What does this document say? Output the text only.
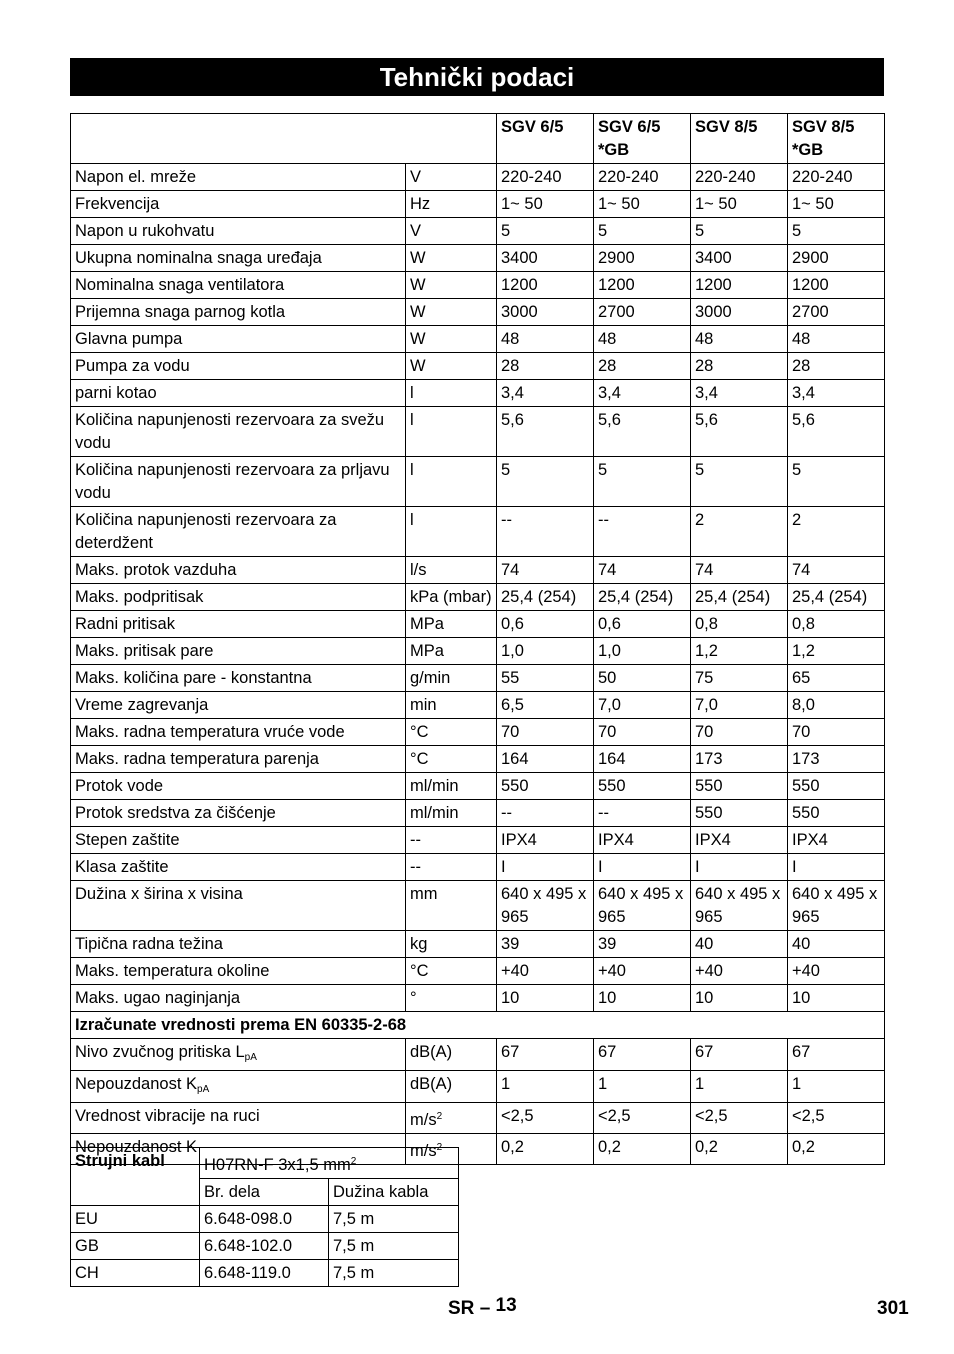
Tehnički podaci
		SGV 6/5	SGV 6/5 *GB	SGV 8/5	SGV 8/5 *GB
Napon el. mreže	V	220-240	220-240	220-240	220-240
Frekvencija	Hz	1~ 50	1~ 50	1~ 50	1~ 50
Napon u rukohvatu	V	5	5	5	5
Ukupna nominalna snaga uređaja	W	3400	2900	3400	2900
Nominalna snaga ventilatora	W	1200	1200	1200	1200
Prijemna snaga parnog kotla	W	3000	2700	3000	2700
Glavna pumpa	W	48	48	48	48
Pumpa za vodu	W	28	28	28	28
parni kotao	l	3,4	3,4	3,4	3,4
Količina napunjenosti rezervoara za svežu vodu	l	5,6	5,6	5,6	5,6
Količina napunjenosti rezervoara za prljavu vodu	l	5	5	5	5
Količina napunjenosti rezervoara za deterdžent	l	--	--	2	2
Maks. protok vazduha	l/s	74	74	74	74
Maks. podpritisak	kPa (mbar)	25,4 (254)	25,4 (254)	25,4 (254)	25,4 (254)
Radni pritisak	MPa	0,6	0,6	0,8	0,8
Maks. pritisak pare	MPa	1,0	1,0	1,2	1,2
Maks. količina pare - konstantna	g/min	55	50	75	65
Vreme zagrevanja	min	6,5	7,0	7,0	8,0
Maks. radna temperatura vruće vode	°C	70	70	70	70
Maks. radna temperatura parenja	°C	164	164	173	173
Protok vode	ml/min	550	550	550	550
Protok sredstva za čišćenje	ml/min	--	--	550	550
Stepen zaštite	--	IPX4	IPX4	IPX4	IPX4
Klasa zaštite	--	I	I	I	I
Dužina x širina x visina	mm	640 x 495 x 965	640 x 495 x 965	640 x 495 x 965	640 x 495 x 965
Tipična radna težina	kg	39	39	40	40
Maks. temperatura okoline	°C	+40	+40	+40	+40
Maks. ugao naginjanja	°	10	10	10	10
Izračunate vrednosti prema EN 60335-2-68					
Nivo zvučnog pritiska $L_{pA}$	dB(A)	67	67	67	67
Nepouzdanost $K_{pA}$	dB(A)	1	1	1	1
Vrednost vibracije na ruci	$m/s^2$	<2,5	<2,5	<2,5	<2,5
Nepouzdanost K	$m/s^2$	0,2	0,2	0,2	0,2
Strujni kabl	H07RN-F 3x1,5 $mm^2$
	Br. dela	Dužina kabla
EU	6.648-098.0	7,5 m
GB	6.648-102.0	7,5 m
CH	6.648-119.0	7,5 m
SR – 13	301
